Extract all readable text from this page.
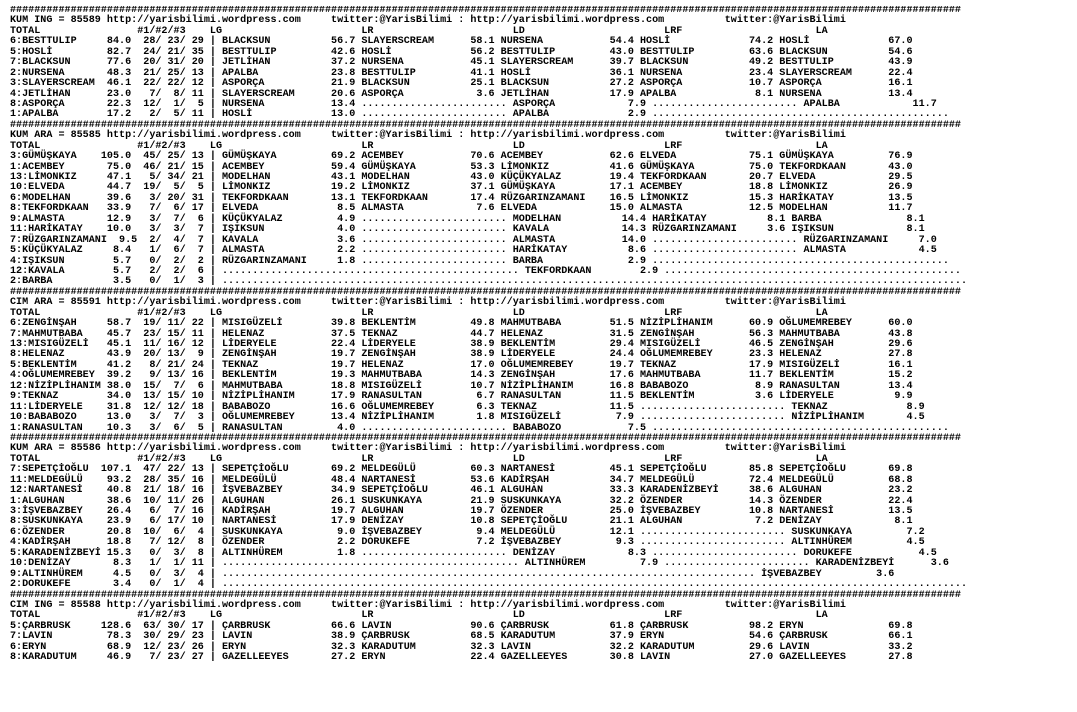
#############################################################################################################################################################
KUM ING = 85589 http://yarisbilimi.wordpress.com     twitter:@YarisBilimi : http://yarisbilimi.wordpress.com          twitter:@YarisBilimi
TOTAL                #1/#2/#3    LG                       LR                       LD                       LRF                      LA
6:BESTTULIP     84.0  28/ 23/ 29 | BLACKSUN          56.7 SLAYERSCREAM      58.1 NURSENA           54.4 HOSLİ             74.2 HOSLİ             67.0
5:HOSLİ         82.7  24/ 21/ 35 | BESTTULIP         42.6 HOSLİ             56.2 BESTTULIP         43.0 BESTTULIP         63.6 BLACKSUN          54.6
7:BLACKSUN      77.6  20/ 31/ 20 | JETLİHAN          37.2 NURSENA           45.1 SLAYERSCREAM      39.7 BLACKSUN          49.2 BESTTULIP         43.9
2:NURSENA       48.3  21/ 25/ 13 | APALBA            23.8 BESTTULIP         41.1 HOSLİ             36.1 NURSENA           23.4 SLAYERSCREAM      22.4
3:SLAYERSCREAM  46.1  22/ 22/ 12 | ASPORÇA           21.9 BLACKSUN          25.1 BLACKSUN          27.2 ASPORÇA           10.7 ASPORÇA           16.1
4:JETLİHAN      23.0   7/  8/ 11 | SLAYERSCREAM      20.6 ASPORÇA            3.6 JETLİHAN          17.9 APALBA             8.1 NURSENA           13.4
8:ASPORÇA       22.3  12/  1/  5 | NURSENA           13.4 ........................ ASPORÇA            7.9 ........................ APALBA            11.7
1:APALBA        17.2   2/  5/ 11 | HOSLİ             13.0 ........................ APALBA             2.9 .................................................
#############################################################################################################################################################
KUM ARA = 85585 http://yarisbilimi.wordpress.com     twitter:@YarisBilimi : http://yarisbilimi.wordpress.com          twitter:@YarisBilimi
TOTAL                #1/#2/#3    LG                       LR                       LD                       LRF                      LA
3:GÜMÜŞKAYA    105.0  45/ 25/ 13 | GÜMÜŞKAYA         69.2 ACEMBEY           70.6 ACEMBEY           62.6 ELVEDA            75.1 GÜMÜŞKAYA         76.9
1:ACEMBEY       75.0  46/ 21/ 15 | ACEMBEY           59.4 GÜMÜŞKAYA         53.3 LİMONKIZ          41.6 GÜMÜŞKAYA         75.0 TEKFORDKAAN       43.0
13:LİMONKIZ     47.1   5/ 34/ 21 | MODELHAN          43.1 MODELHAN          43.0 KÜÇÜKYALAZ        19.4 TEKFORDKAAN       20.7 ELVEDA            29.5
10:ELVEDA       44.7  19/  5/  5 | LİMONKIZ          19.2 LİMONKIZ          37.1 GÜMÜŞKAYA         17.1 ACEMBEY           18.8 LİMONKIZ          26.9
6:MODELHAN      39.6   3/ 20/ 31 | TEKFORDKAAN       13.1 TEKFORDKAAN       17.4 RÜZGARINZAMANI    16.5 LİMONKIZ          15.3 HARİKATAY         13.5
8:TEKFORDKAAN   33.9   7/  6/ 17 | ELVEDA             8.5 ALMASTA            7.6 ELVEDA            15.0 ALMASTA           12.5 MODELHAN          11.7
9:ALMASTA       12.9   3/  7/  6 | KÜÇÜKYALAZ         4.9 ........................ MODELHAN          14.4 HARİKATAY          8.1 BARBA              8.1
11:HARİKATAY    10.0   3/  3/  7 | IŞIKSUN            4.0 ........................ KAVALA            14.3 RÜZGARINZAMANI     3.6 IŞIKSUN            8.1
7:RÜZGARINZAMANI  9.5  2/  4/  7 | KAVALA             3.6 ........................ ALMASTA           14.0 ........................ RÜZGARINZAMANI     7.0
5:KÜÇÜKYALAZ     8.4   1/  6/  7 | ALMASTA            2.2 ........................ HARİKATAY          8.6 ........................ ALMASTA            4.5
4:IŞIKSUN        5.7   0/  2/  2 | RÜZGARINZAMANI     1.8 ........................ BARBA              2.9 .................................................
12:KAVALA        5.7   2/  2/  6 | ................................................. TEKFORDKAAN        2.9 .................................................
2:BARBA          3.5   0/  1/  3 | ...........................................................................................................................
#############################################################################################################################################################
CIM ARA = 85591 http://yarisbilimi.wordpress.com     twitter:@YarisBilimi : http://yarisbilimi.wordpress.com          twitter:@YarisBilimi
TOTAL                #1/#2/#3    LG                       LR                       LD                       LRF                      LA
6:ZENGİNŞAH     58.7  19/ 11/ 22 | MISIGÜZELİ        39.8 BEKLENTİM         49.8 MAHMUTBABA        51.5 NİZİPLİHANIM      60.9 OĞLUMEMREBEY      60.0
7:MAHMUTBABA    45.7  23/ 15/ 11 | HELENAZ           37.5 TEKNAZ            44.7 HELENAZ           31.5 ZENGİNŞAH         56.3 MAHMUTBABA        43.8
13:MISIGÜZELİ   45.1  11/ 16/ 12 | LİDERYELE         22.4 LİDERYELE         38.9 BEKLENTİM         29.4 MISIGÜZELİ        46.5 ZENGİNŞAH         29.6
8:HELENAZ       43.9  20/ 13/  9 | ZENGİNŞAH         19.7 ZENGİNŞAH         38.9 LİDERYELE         24.4 OĞLUMEMREBEY      23.3 HELENAZ           27.8
5:BEKLENTİM     41.2   8/ 21/ 24 | TEKNAZ            19.7 HELENAZ           17.0 OĞLUMEMREBEY      19.7 TEKNAZ            17.9 MISIGÜZELİ        16.1
4:OĞLUMEMREBEY  39.2   9/ 13/ 16 | BEKLENTİM         19.3 MAHMUTBABA        14.3 ZENGİNŞAH         17.6 MAHMUTBABA        11.7 BEKLENTİM         15.2
12:NİZİPLİHANIM 38.0  15/  7/  6 | MAHMUTBABA        18.8 MISIGÜZELİ        10.7 NİZİPLİHANIM      16.8 BABABOZO           8.9 RANASULTAN        13.4
9:TEKNAZ        34.0  13/ 15/ 10 | NİZİPLİHANIM      17.9 RANASULTAN         6.7 RANASULTAN        11.5 BEKLENTİM          3.6 LİDERYELE          9.9
11:LİDERYELE    31.8  12/ 12/ 18 | BABABOZO          16.6 OĞLUMEMREBEY       6.3 TEKNAZ            11.5 ........................ TEKNAZ             8.9
10:BABABOZO     13.0   3/  7/  3 | OĞLUMEMREBEY      13.4 NİZİPLİHANIM       1.8 MISIGÜZELİ         7.9 ........................ NİZİPLİHANIM       4.5
1:RANASULTAN    10.3   3/  6/  5 | RANASULTAN         4.0 ........................ BABABOZO           7.5 .................................................
#############################################################################################################################################################
KUM ARA = 85586 http://yarisbilimi.wordpress.com     twitter:@YarisBilimi : http://yarisbilimi.wordpress.com          twitter:@YarisBilimi
TOTAL                #1/#2/#3    LG                       LR                       LD                       LRF                      LA
7:SEPETÇİOĞLU  107.1  47/ 22/ 13 | SEPETÇİOĞLU       69.2 MELDEGÜLÜ         60.3 NARTANESİ         45.1 SEPETÇİOĞLU       85.8 SEPETÇİOĞLU       69.8
11:MELDEGÜLÜ    93.2  28/ 35/ 16 | MELDEGÜLÜ         48.4 NARTANESİ         53.6 KADİRŞAH          34.7 MELDEGÜLÜ         72.4 MELDEGÜLÜ         68.8
12:NARTANESİ    40.8  21/ 18/ 16 | İŞVEBAZBEY        34.9 SEPETÇİOĞLU       46.1 ALGUHAN           33.3 KARADENİZBEYİ     38.6 ALGUHAN           23.2
1:ALGUHAN       38.6  10/ 11/ 26 | ALGUHAN           26.1 SUSKUNKAYA        21.9 SUSKUNKAYA        32.2 ÖZENDER           14.3 ÖZENDER           22.4
3:İŞVEBAZBEY    26.4   6/  7/ 16 | KADİRŞAH          19.7 ALGUHAN           19.7 ÖZENDER           25.0 İŞVEBAZBEY        10.8 NARTANESİ         13.5
8:SUSKUNKAYA    23.9   6/ 17/ 10 | NARTANESİ         17.9 DENİZAY           10.8 SEPETÇİOĞLU       21.1 ALGUHAN            7.2 DENİZAY            8.1
6:ÖZENDER       20.8  10/  6/  4 | SUSKUNKAYA         9.0 İŞVEBAZBEY         9.4 MELDEGÜLÜ         12.1 ........................ SUSKUNKAYA         7.2
4:KADİRŞAH      18.8   7/ 12/  8 | ÖZENDER            2.2 DORUKEFE           7.2 İŞVEBAZBEY         9.3 ........................ ALTINHÜREM         4.5
5:KARADENİZBEYİ 15.3   0/  3/  8 | ALTINHÜREM         1.8 ........................ DENİZAY            8.3 ........................ DORUKEFE           4.5
10:DENİZAY       8.3   1/  1/ 11 | ................................................. ALTINHÜREM         7.9 ........................ KARADENİZBEYİ      3.6
9:ALTINHÜREM     4.5   0/  3/  4 | ........................................................................................ İŞVEBAZBEY         3.6
2:DORUKEFE       3.4   0/  1/  4 | ...........................................................................................................................
#############################################################################################################################################################
CIM ING = 85588 http://yarisbilimi.wordpress.com     twitter:@YarisBilimi : http://yarisbilimi.wordpress.com          twitter:@YarisBilimi
TOTAL                #1/#2/#3    LG                       LR                       LD                       LRF                      LA
5:ÇARBRUSK     128.6  63/ 30/ 17 | ÇARBRUSK          66.6 LAVIN             90.6 ÇARBRUSK          61.8 ÇARBRUSK          98.2 ERYN              69.8
7:LAVIN         78.3  30/ 29/ 23 | LAVIN             38.9 ÇARBRUSK          68.5 KARADUTUM         37.9 ERYN              54.6 ÇARBRUSK          66.1
6:ERYN          68.9  12/ 23/ 26 | ERYN              32.3 KARADUTUM         32.3 LAVIN             32.2 KARADUTUM         29.6 LAVIN             33.2
8:KARADUTUM     46.9   7/ 23/ 27 | GAZELLEEYES       27.2 ERYN              22.4 GAZELLEEYES       30.8 LAVIN             27.0 GAZELLEEYES       27.8
